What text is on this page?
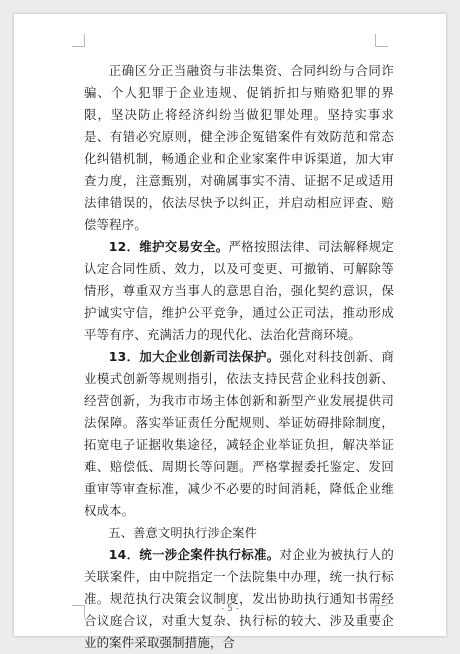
正确区分正当融资与非法集资、合同纠纷与合同诈骗、个人犯罪于企业违规、促销折扣与贿赂犯罪的界限，坚决防止将经济纠纷当做犯罪处理。坚持实事求是、有错必究原则，健全涉企冤错案件有效防范和常态化纠错机制，畅通企业和企业家案件申诉渠道，加大审查力度，注意甄别，对确属事实不清、证据不足或适用法律错误的，依法尽快予以纠正，并启动相应评查、赔偿等程序。

12．维护交易安全。严格按照法律、司法解释规定认定合同性质、效力，以及可变更、可撤销、可解除等情形，尊重双方当事人的意思自治，强化契约意识，保护诚实守信，维护公平竞争，通过公正司法，推动形成平等有序、充满活力的现代化、法治化营商环境。

13．加大企业创新司法保护。强化对科技创新、商业模式创新等规则指引，依法支持民营企业科技创新、经营创新，为我市市场主体创新和新型产业发展提供司法保障。落实举证责任分配规则、举证妨碍排除制度，拓宽电子证据收集途径，减轻企业举证负担，解决举证难、赔偿低、周期长等问题。严格掌握委托鉴定、发回重审等审查标准，减少不必要的时间消耗，降低企业维权成本。

五、善意文明执行涉企案件

14．统一涉企案件执行标准。对企业为被执行人的关联案件，由中院指定一个法院集中办理，统一执行标准。规范执行决策会议制度，发出协助执行通知书需经合议庭合议，对重大复杂、执行标的较大、涉及重要企业的案件采取强制措施，合

- 5 -
